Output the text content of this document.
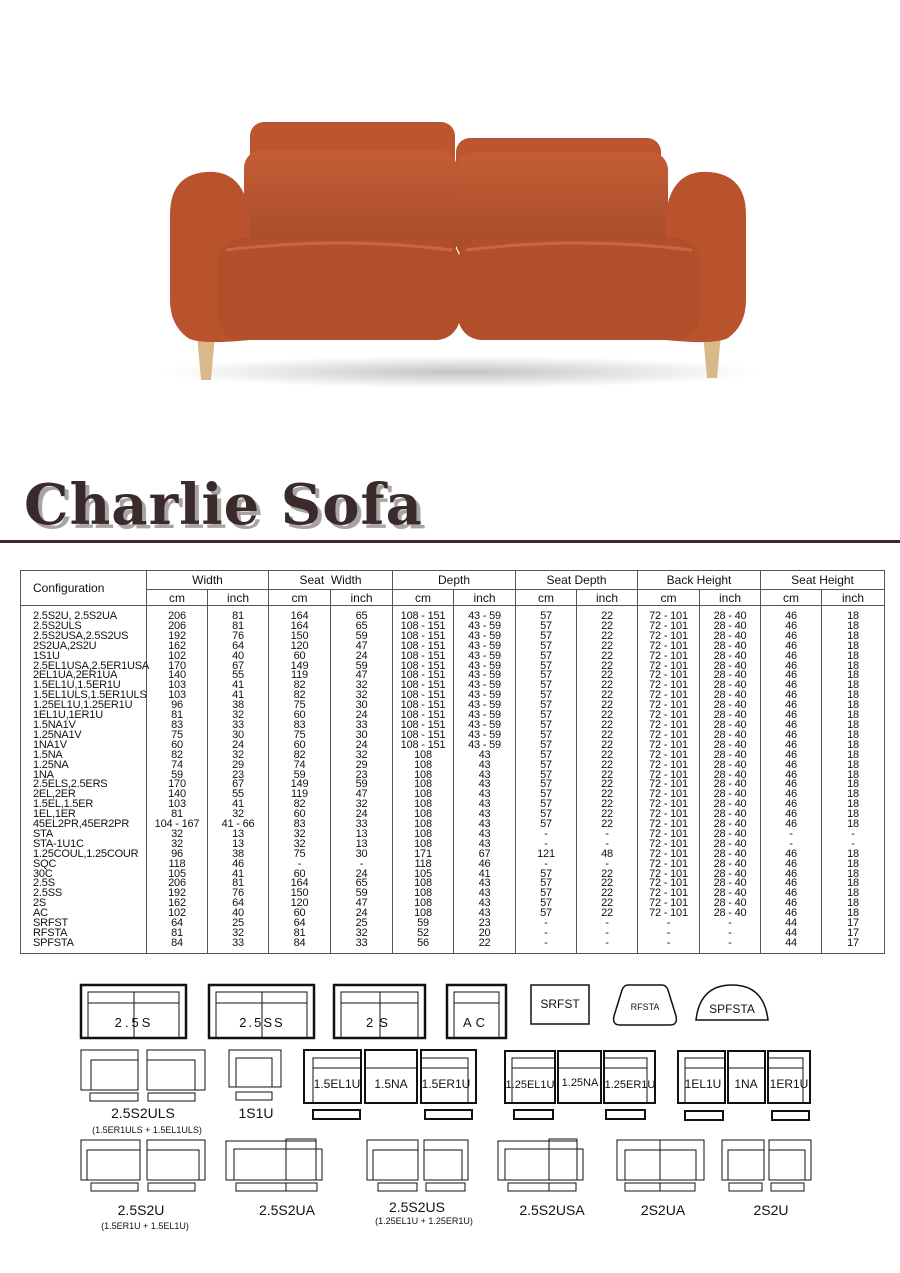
Charlie Sofa
Configuration	Width		Seat  Width		Depth		Seat Depth		Back Height		Seat Height	
	cm	inch	cm	inch	cm	inch	cm	inch	cm	inch	cm	inch
2.5S2U, 2.5S2UA	206	81	164	65	108 - 151	43 - 59	57	22	72 - 101	28 - 40	46	18
2.5S2ULS	206	81	164	65	108 - 151	43 - 59	57	22	72 - 101	28 - 40	46	18
2.5S2USA,2.5S2US	192	76	150	59	108 - 151	43 - 59	57	22	72 - 101	28 - 40	46	18
2S2UA,2S2U	162	64	120	47	108 - 151	43 - 59	57	22	72 - 101	28 - 40	46	18
1S1U	102	40	60	24	108 - 151	43 - 59	57	22	72 - 101	28 - 40	46	18
2.5EL1USA,2.5ER1USA	170	67	149	59	108 - 151	43 - 59	57	22	72 - 101	28 - 40	46	18
2EL1UA,2ER1UA	140	55	119	47	108 - 151	43 - 59	57	22	72 - 101	28 - 40	46	18
1.5EL1U,1.5ER1U	103	41	82	32	108 - 151	43 - 59	57	22	72 - 101	28 - 40	46	18
1.5EL1ULS,1.5ER1ULS	103	41	82	32	108 - 151	43 - 59	57	22	72 - 101	28 - 40	46	18
1.25EL1U,1.25ER1U	96	38	75	30	108 - 151	43 - 59	57	22	72 - 101	28 - 40	46	18
1EL1U,1ER1U	81	32	60	24	108 - 151	43 - 59	57	22	72 - 101	28 - 40	46	18
1.5NA1V	83	33	83	33	108 - 151	43 - 59	57	22	72 - 101	28 - 40	46	18
1.25NA1V	75	30	75	30	108 - 151	43 - 59	57	22	72 - 101	28 - 40	46	18
1NA1V	60	24	60	24	108 - 151	43 - 59	57	22	72 - 101	28 - 40	46	18
1.5NA	82	32	82	32	108	43	57	22	72 - 101	28 - 40	46	18
1.25NA	74	29	74	29	108	43	57	22	72 - 101	28 - 40	46	18
1NA	59	23	59	23	108	43	57	22	72 - 101	28 - 40	46	18
2.5ELS,2.5ERS	170	67	149	59	108	43	57	22	72 - 101	28 - 40	46	18
2EL,2ER	140	55	119	47	108	43	57	22	72 - 101	28 - 40	46	18
1.5EL,1.5ER	103	41	82	32	108	43	57	22	72 - 101	28 - 40	46	18
1EL,1ER	81	32	60	24	108	43	57	22	72 - 101	28 - 40	46	18
45EL2PR,45ER2PR	104 - 167	41 - 66	83	33	108	43	57	22	72 - 101	28 - 40	46	18
STA	32	13	32	13	108	43	-	-	72 - 101	28 - 40	-	-
STA-1U1C	32	13	32	13	108	43	-	-	72 - 101	28 - 40	-	-
1.25COUL,1.25COUR	96	38	75	30	171	67	121	48	72 - 101	28 - 40	46	18
SQC	118	46	-	-	118	46	-	-	72 - 101	28 - 40	46	18
30C	105	41	60	24	105	41	57	22	72 - 101	28 - 40	46	18
2.5S	206	81	164	65	108	43	57	22	72 - 101	28 - 40	46	18
2.5SS	192	76	150	59	108	43	57	22	72 - 101	28 - 40	46	18
2S	162	64	120	47	108	43	57	22	72 - 101	28 - 40	46	18
AC	102	40	60	24	108	43	57	22	72 - 101	28 - 40	46	18
SRFST	64	25	64	25	59	23	-	-	-	-	44	17
RFSTA	81	32	81	32	52	20	-	-	-	-	44	17
SPFSTA	84	33	84	33	56	22	-	-	-	-	44	17
2.5S	2.5SS	2S	AC
SRFST	RFSTA	SPFSTA
2.5S2ULS
(1.5ER1ULS + 1.5EL1ULS)
1S1U
1.5EL1U 1.5NA 1.5ER1U	1.25EL1U 1.25NA 1.25ER1U 1EL1U 1NA 1ER1U
2.5S2U
(1.5ER1U + 1.5EL1U)
2.5S2UA	2.5S2US
(1.25EL1U + 1.25ER1U)
2.5S2USA	2S2UA	2S2U
